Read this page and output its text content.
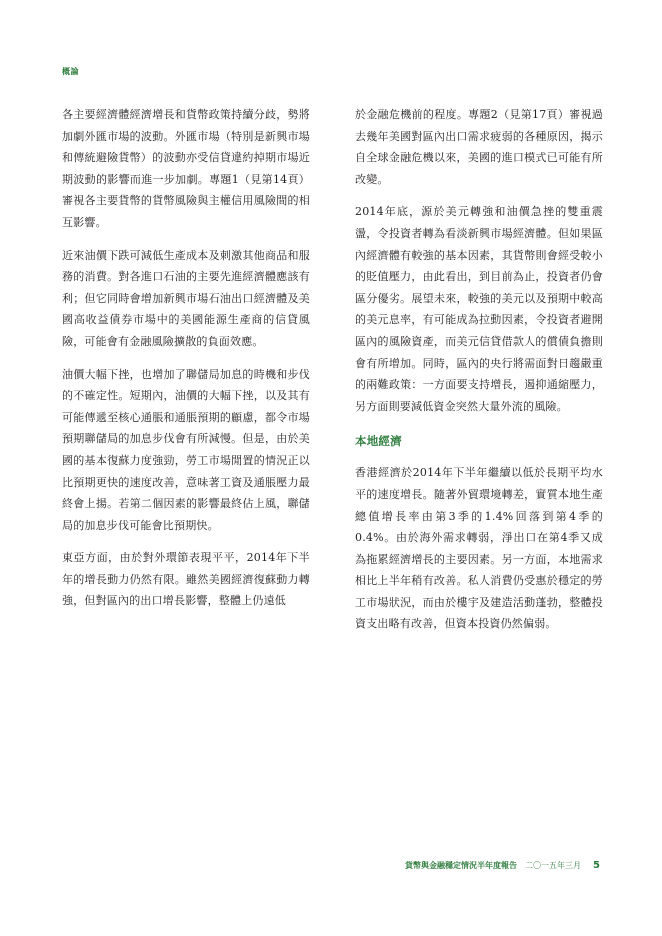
概論

各主要經濟體經濟增長和貨幣政策持續分歧，勢將加劇外匯市場的波動。外匯市場（特別是新興市場和傳統避險貨幣）的波動亦受信貸違約掉期市場近期波動的影響而進一步加劇。專題1（見第14頁）審視各主要貨幣的貨幣風險與主權信用風險間的相互影響。

近來油價下跌可減低生產成本及刺激其他商品和服務的消費。對各進口石油的主要先進經濟體應該有利；但它同時會增加新興市場石油出口經濟體及美國高收益債券市場中的美國能源生產商的信貸風險，可能會有金融風險擴散的負面效應。

油價大幅下挫，也增加了聯儲局加息的時機和步伐的不確定性。短期內，油價的大幅下挫，以及其有可能傳遞至核心通脹和通脹預期的顧慮，都令市場預期聯儲局的加息步伐會有所減慢。但是，由於美國的基本復蘇力度強勁，勞工市場閒置的情況正以比預期更快的速度改善，意味著工資及通脹壓力最終會上揚。若第二個因素的影響最終佔上風，聯儲局的加息步伐可能會比預期快。

東亞方面，由於對外環節表現平平，2014年下半年的增長動力仍然有限。雖然美國經濟復蘇動力轉強，但對區內的出口增長影響，整體上仍遠低

於金融危機前的程度。專題2（見第17頁）審視過去幾年美國對區內出口需求疲弱的各種原因，揭示自全球金融危機以來，美國的進口模式已可能有所改變。

2014年底，源於美元轉強和油價急挫的雙重震盪，令投資者轉為看淡新興市場經濟體。但如果區內經濟體有較強的基本因素，其貨幣則會經受較小的貶值壓力，由此看出，到目前為止，投資者仍會區分優劣。展望未來，較強的美元以及預期中較高的美元息率，有可能成為拉動因素，令投資者避開區內的風險資產，而美元信貸借款人的償債負擔則會有所增加。同時，區內的央行將需面對日趨嚴重的兩難政策：一方面要支持增長，遏抑通縮壓力，另方面則要減低資金突然大量外流的風險。

本地經濟

香港經濟於2014年下半年繼續以低於長期平均水平的速度增長。隨著外貿環境轉差，實質本地生產總值增長率由第3季的1.4%回落到第4季的0.4%。由於海外需求轉弱，淨出口在第4季又成為拖累經濟增長的主要因素。另一方面，本地需求相比上半年稍有改善。私人消費仍受惠於穩定的勞工市場狀況，而由於樓宇及建造活動蓬勃，整體投資支出略有改善，但資本投資仍然偏弱。

貨幣與金融穩定情況半年度報告 二〇一五年三月 5
